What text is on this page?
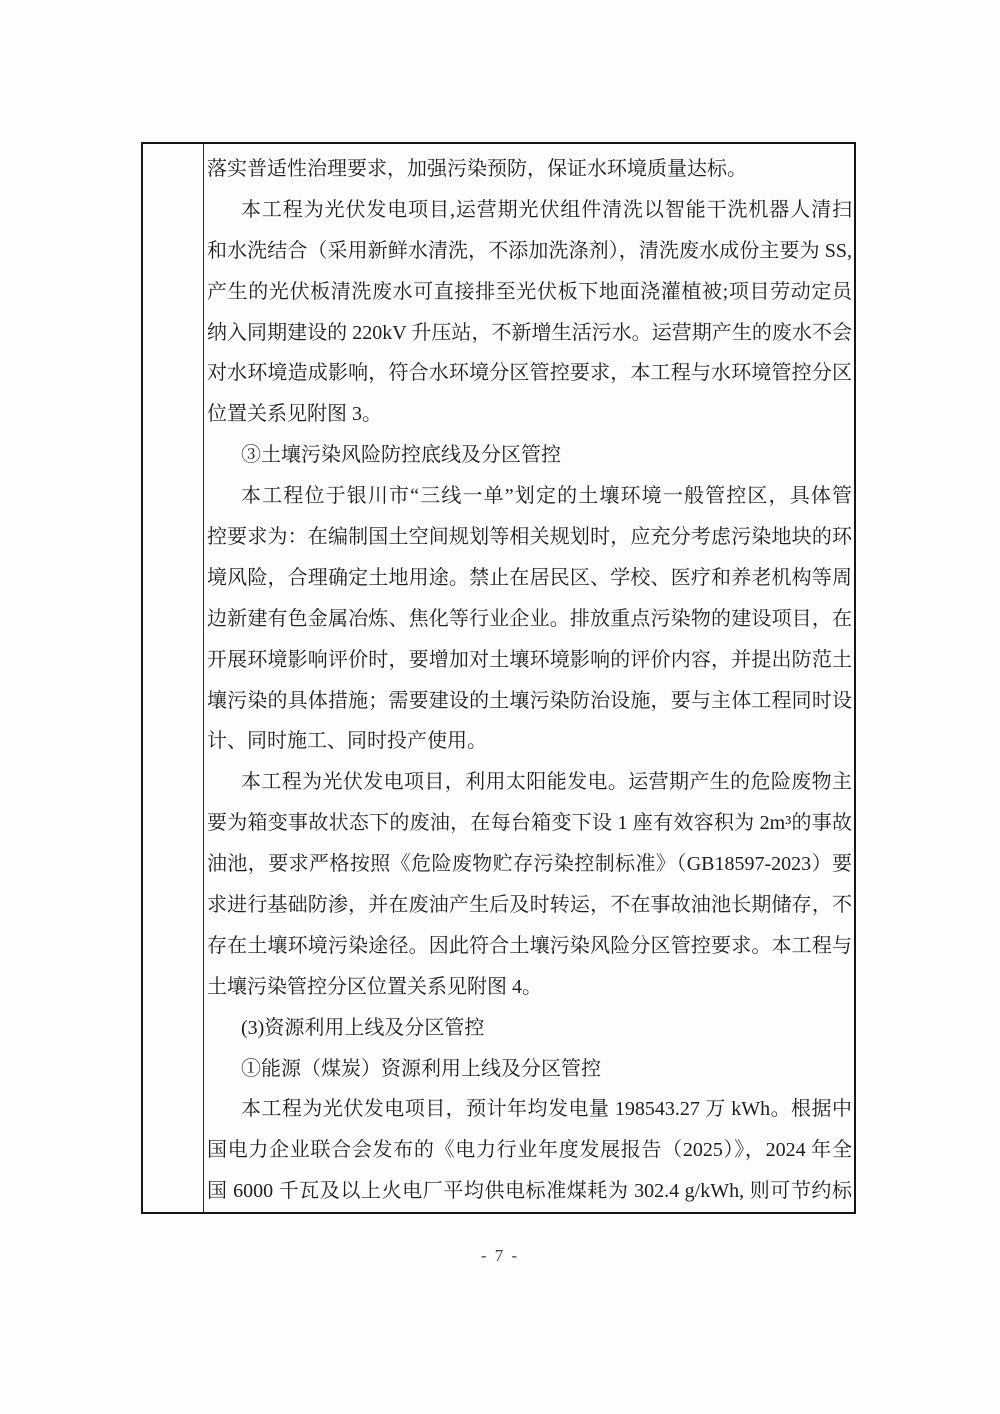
落实普适性治理要求，加强污染预防，保证水环境质量达标。
本工程为光伏发电项目,运营期光伏组件清洗以智能干洗机器人清扫
和水洗结合（采用新鲜水清洗，不添加洗涤剂），清洗废水成份主要为 SS,
产生的光伏板清洗废水可直接排至光伏板下地面浇灌植被;项目劳动定员
纳入同期建设的 220kV 升压站，不新增生活污水。运营期产生的废水不会
对水环境造成影响，符合水环境分区管控要求，本工程与水环境管控分区
位置关系见附图 3。
③土壤污染风险防控底线及分区管控
本工程位于银川市“三线一单”划定的土壤环境一般管控区，具体管
控要求为：在编制国土空间规划等相关规划时，应充分考虑污染地块的环
境风险，合理确定土地用途。禁止在居民区、学校、医疗和养老机构等周
边新建有色金属冶炼、焦化等行业企业。排放重点污染物的建设项目，在
开展环境影响评价时，要增加对土壤环境影响的评价内容，并提出防范土
壤污染的具体措施；需要建设的土壤污染防治设施，要与主体工程同时设
计、同时施工、同时投产使用。
本工程为光伏发电项目，利用太阳能发电。运营期产生的危险废物主
要为箱变事故状态下的废油，在每台箱变下设 1 座有效容积为 2m³的事故
油池，要求严格按照《危险废物贮存污染控制标准》（GB18597-2023）要
求进行基础防渗，并在废油产生后及时转运，不在事故油池长期储存，不
存在土壤环境污染途径。因此符合土壤污染风险分区管控要求。本工程与
土壤污染管控分区位置关系见附图 4。
(3)资源利用上线及分区管控
①能源（煤炭）资源利用上线及分区管控
本工程为光伏发电项目，预计年均发电量 198543.27 万 kWh。根据中
国电力企业联合会发布的《电力行业年度发展报告（2025）》，2024 年全
国 6000 千瓦及以上火电厂平均供电标准煤耗为 302.4 g/kWh, 则可节约标
- 7 -
